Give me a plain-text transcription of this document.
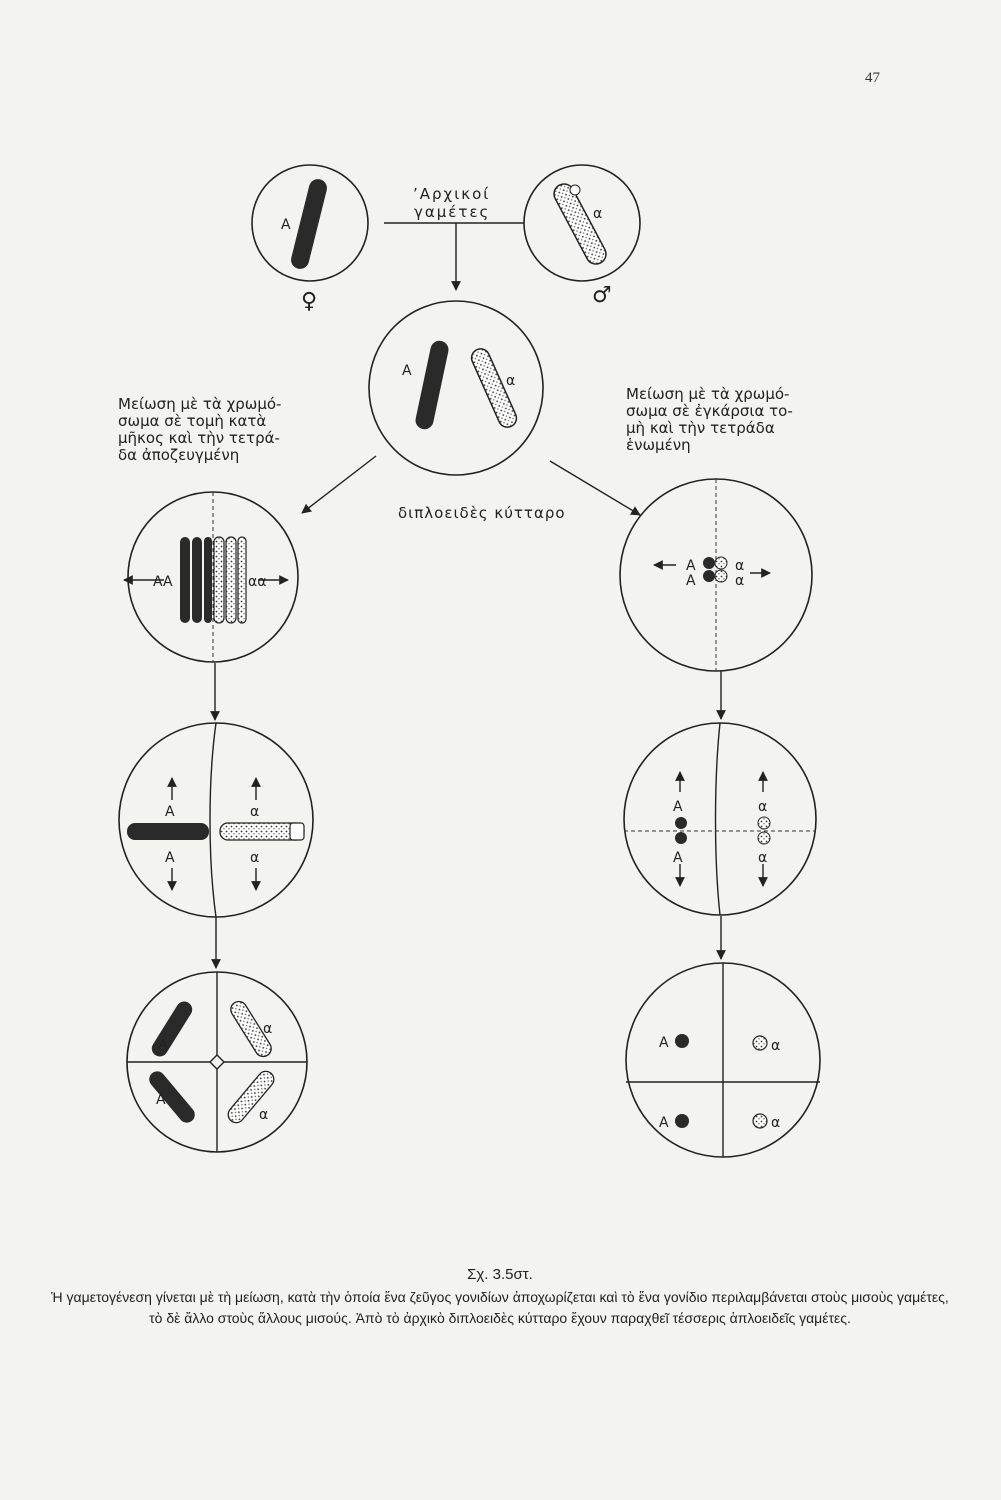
47
’Αρχικοί
γαμέτες
Μείωση μὲ τὰ χρωμό-
σωμα σὲ τομὴ κατὰ
μῆκος καὶ τὴν τετρά-
δα ἀποζευγμένη
Μείωση μὲ τὰ χρωμό-
σωμα σὲ ἐγκάρσια το-
μὴ καὶ τὴν τετράδα
ἑνωμένη
διπλοειδὲς κύτταρο
A
α
A
α
AA	αα
A
A
α
α
A
A
α
α
A
A
α
α
A
α
A
α
A	α
A	α
♀	♂
Σχ. 3.5στ.
Ἡ γαμετογένεση γίνεται μὲ τὴ μείωση, κατὰ τὴν ὁποία ἕνα ζεῦγος γονιδίων ἀποχωρίζεται καὶ τὸ ἕνα γονίδιο περιλαμβάνεται στοὺς μισοὺς γαμέτες, τὸ δὲ ἄλλο στοὺς ἄλλους μισούς. Ἀπὸ τὸ ἀρχικὸ διπλοειδὲς κύτταρο ἔχουν παραχθεῖ τέσσερις ἁπλοειδεῖς γαμέτες.
